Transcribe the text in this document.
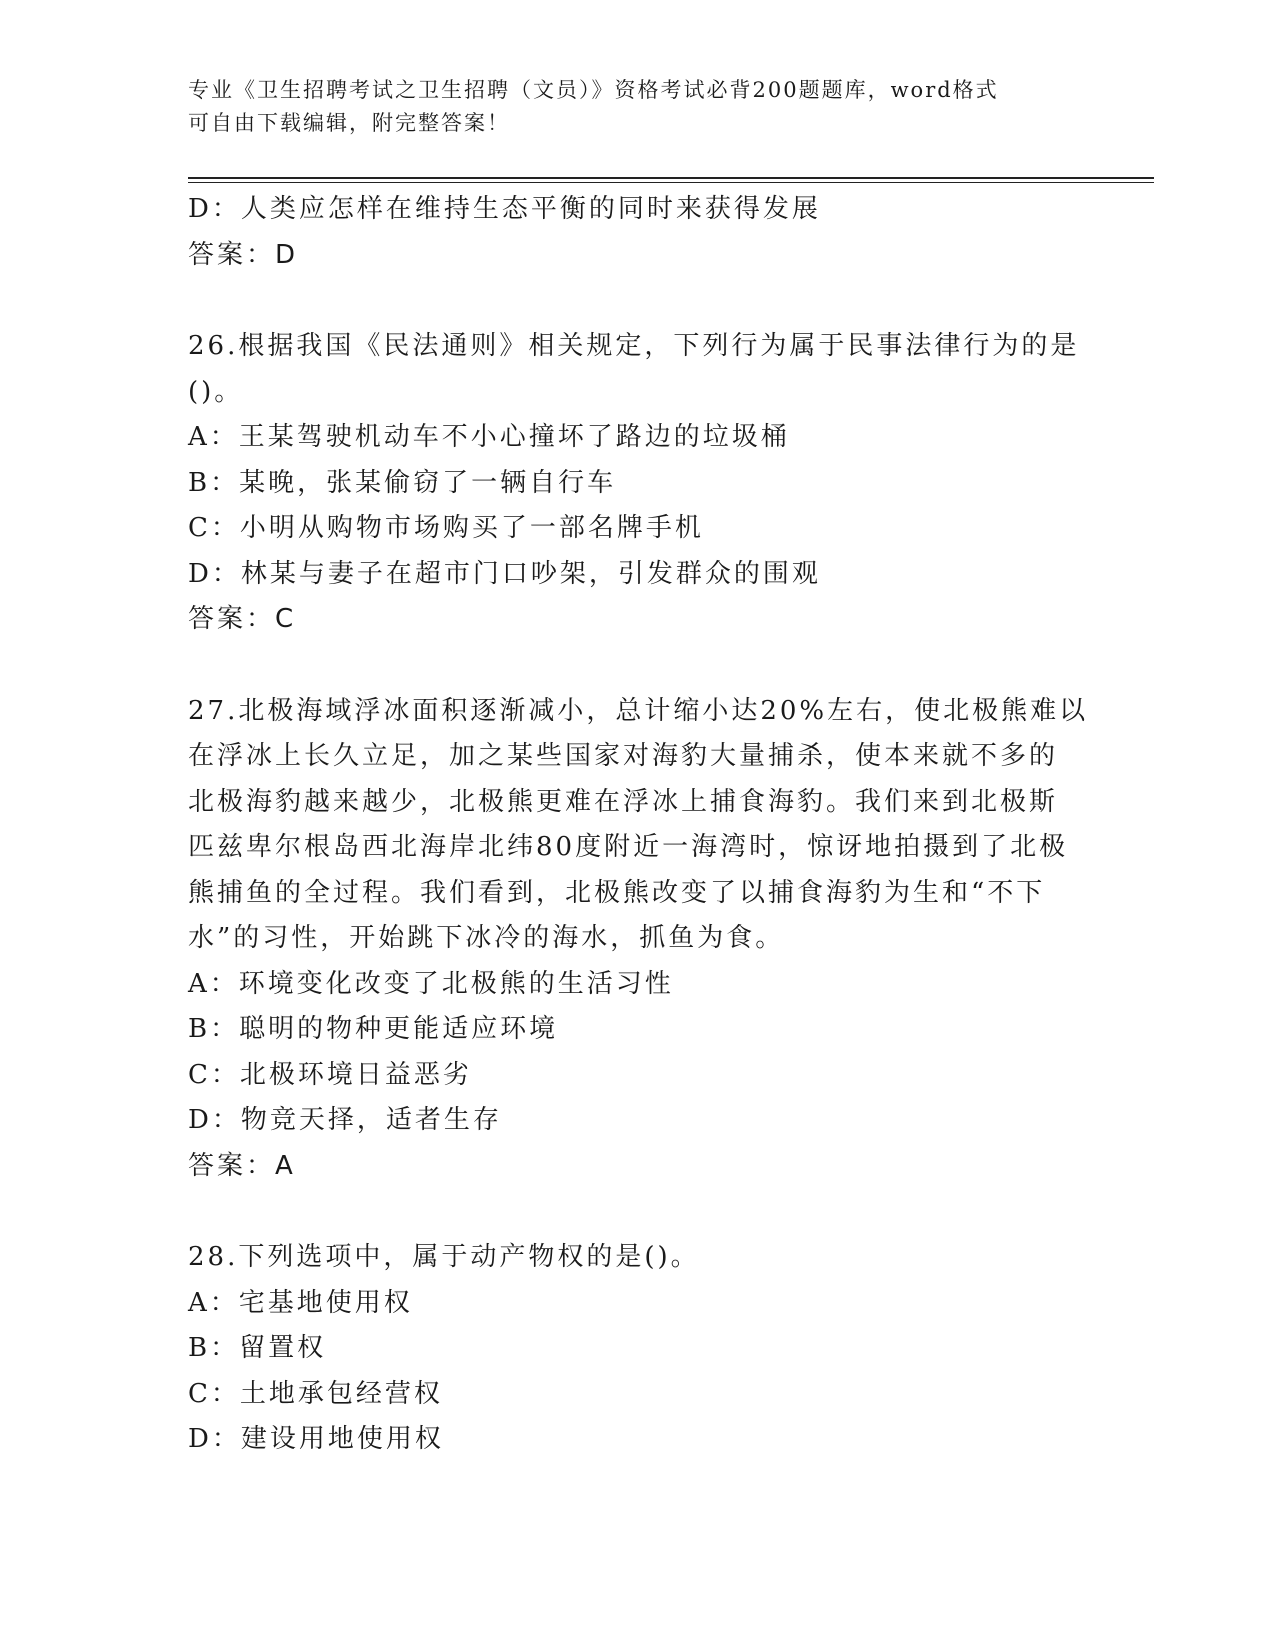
专业《卫生招聘考试之卫生招聘（文员）》资格考试必背200题题库，word格式
可自由下载编辑，附完整答案！

D：人类应怎样在维持生态平衡的同时来获得发展

答案：D

26.根据我国《民法通则》相关规定，下列行为属于民事法律行为的是

()。

A：王某驾驶机动车不小心撞坏了路边的垃圾桶

B：某晚，张某偷窃了一辆自行车

C：小明从购物市场购买了一部名牌手机

D：林某与妻子在超市门口吵架，引发群众的围观

答案：C

27.北极海域浮冰面积逐渐减小，总计缩小达20%左右，使北极熊难以

在浮冰上长久立足，加之某些国家对海豹大量捕杀，使本来就不多的

北极海豹越来越少，北极熊更难在浮冰上捕食海豹。我们来到北极斯

匹兹卑尔根岛西北海岸北纬80度附近一海湾时，惊讶地拍摄到了北极

熊捕鱼的全过程。我们看到，北极熊改变了以捕食海豹为生和“不下

水”的习性，开始跳下冰冷的海水，抓鱼为食。

A：环境变化改变了北极熊的生活习性

B：聪明的物种更能适应环境

C：北极环境日益恶劣

D：物竞天择，适者生存

答案：A

28.下列选项中，属于动产物权的是()。

A：宅基地使用权

B：留置权

C：土地承包经营权

D：建设用地使用权
